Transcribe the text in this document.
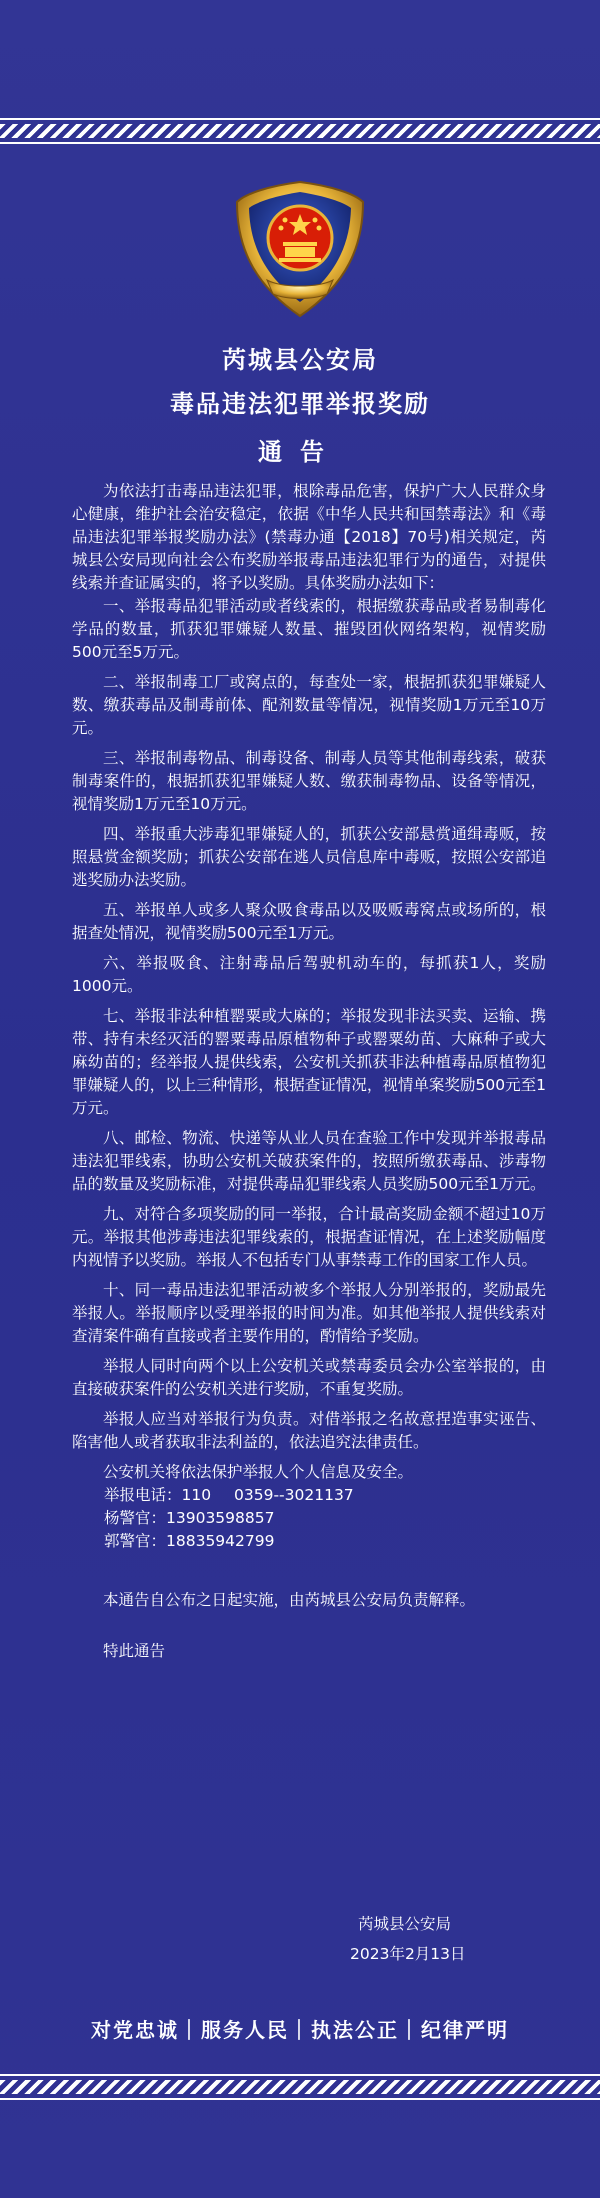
芮城县公安局
毒品违法犯罪举报奖励
通告

为依法打击毒品违法犯罪，根除毒品危害，保护广大人民群众身心健康，维护社会治安稳定，依据《中华人民共和国禁毒法》和《毒品违法犯罪举报奖励办法》(禁毒办通【2018】70号)相关规定，芮城县公安局现向社会公布奖励举报毒品违法犯罪行为的通告，对提供线索并查证属实的，将予以奖励。具体奖励办法如下：

一、举报毒品犯罪活动或者线索的，根据缴获毒品或者易制毒化学品的数量，抓获犯罪嫌疑人数量、摧毁团伙网络架构，视情奖励500元至5万元。

二、举报制毒工厂或窝点的，每查处一家，根据抓获犯罪嫌疑人数、缴获毒品及制毒前体、配剂数量等情况，视情奖励1万元至10万元。

三、举报制毒物品、制毒设备、制毒人员等其他制毒线索，破获制毒案件的，根据抓获犯罪嫌疑人数、缴获制毒物品、设备等情况，视情奖励1万元至10万元。

四、举报重大涉毒犯罪嫌疑人的，抓获公安部悬赏通缉毒贩，按照悬赏金额奖励；抓获公安部在逃人员信息库中毒贩，按照公安部追逃奖励办法奖励。

五、举报单人或多人聚众吸食毒品以及吸贩毒窝点或场所的，根据查处情况，视情奖励500元至1万元。

六、举报吸食、注射毒品后驾驶机动车的，每抓获1人，奖励1000元。

七、举报非法种植罂粟或大麻的；举报发现非法买卖、运输、携带、持有未经灭活的罂粟毒品原植物种子或罂粟幼苗、大麻种子或大麻幼苗的；经举报人提供线索，公安机关抓获非法种植毒品原植物犯罪嫌疑人的，以上三种情形，根据查证情况，视情单案奖励500元至1万元。

八、邮检、物流、快递等从业人员在查验工作中发现并举报毒品违法犯罪线索，协助公安机关破获案件的，按照所缴获毒品、涉毒物品的数量及奖励标准，对提供毒品犯罪线索人员奖励500元至1万元。

九、对符合多项奖励的同一举报，合计最高奖励金额不超过10万元。举报其他涉毒违法犯罪线索的，根据查证情况，在上述奖励幅度内视情予以奖励。举报人不包括专门从事禁毒工作的国家工作人员。

十、同一毒品违法犯罪活动被多个举报人分别举报的，奖励最先举报人。举报顺序以受理举报的时间为准。如其他举报人提供线索对查清案件确有直接或者主要作用的，酌情给予奖励。

举报人同时向两个以上公安机关或禁毒委员会办公室举报的，由直接破获案件的公安机关进行奖励，不重复奖励。

举报人应当对举报行为负责。对借举报之名故意捏造事实诬告、陷害他人或者获取非法利益的，依法追究法律责任。

公安机关将依法保护举报人个人信息及安全。

举报电话：110 0359--3021137
杨警官：13903598857
郭警官：18835942799

本通告自公布之日起实施，由芮城县公安局负责解释。

特此通告

芮城县公安局
2023年2月13日
对党忠诚｜服务人民｜执法公正｜纪律严明
